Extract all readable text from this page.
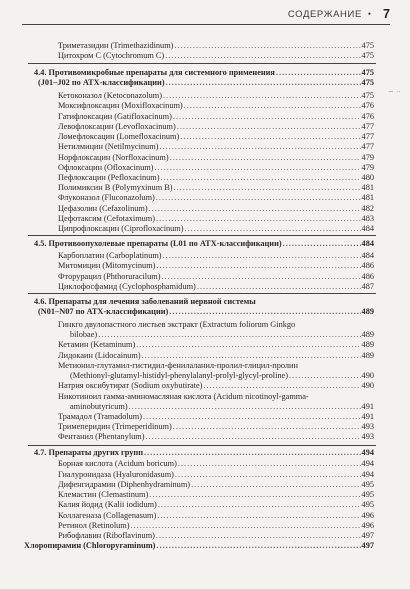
СОДЕРЖАНИЕ • 7
Триметазидин (Trimethazidinum) .....	475
Цитохром С (Cytochromum C) .....	475
4.4. Противомикробные препараты для системного применения .....	475
(J01–J02 по АТХ-классификации) .....	475
Кетоконазол (Ketoconazolum) .....	475
Моксифлоксацин (Moxifloxacinum) .....	476
Гатифлоксацин (Gatifloxacinum) .....	476
Левофлоксацин (Levofloxacinum) .....	477
Ломефлоксацин (Lomefloxacinum) .....	477
Нетилмицин (Netilmycinum) .....	477
Норфлоксацин (Norfloxacinum) .....	479
Офлоксацин (Ofloxacinum) .....	479
Пефлоксацин (Pefloxacinum) .....	480
Полимиксин В (Polymyxinum B) .....	481
Флуконазол (Fluconazolum) .....	481
Цефазолин (Cefazolinum) .....	482
Цефотаксим (Cefotaximum) .....	483
Ципрофлоксацин (Ciprofloxacinum) .....	484
4.5. Противоопухолевые препараты (L01 по АТХ-классификации) .....	484
Карбоплатин (Carboplatinum) .....	484
Митомицин (Mitomycinum) .....	486
Фторурацил (Phthoruracilum) .....	486
Циклофосфамид (Cyclophosphamidum) .....	487
4.6. Препараты для лечения заболеваний нервной системы
(N01–N07 по АТХ-классификации) .....	489
Гинкго двулопастного листьев экстракт (Extractum foliorum Ginkgo
bilobae) .....	489
Кетамин (Ketaminum) .....	489
Лидокаин (Lidocainum) .....	489
Метионил-глутамил-гистидил-фенилаланил-пролил-глицил-пролин
(Methionyl-glutamyl-histidyl-phenylalanyl-prolyl-glycyl-proline) .....	490
Натрия оксибутират (Sodium oxybutirate) .....	490
Никотиноил гамма-аминомасляная кислота (Acidum nicotinoyl-gamma-
aminobutyricum) .....	491
Трамадол (Tramadolum) .....	491
Тримеперидин (Trimeperidinum) .....	493
Фентанил (Phentanylum) .....	493
4.7. Препараты других групп .....	494
Борная кислота (Acidum boricum) .....	494
Гиалуронидаза (Hyaluronidasum) .....	494
Дифенгидрамин (Diphenhydraminum) .....	495
Клемастин (Clemastinum) .....	495
Калия йодид (Kalii iodidum) .....	495
Коллагеназа (Collagenasum) .....	496
Ретинол (Retinolum) .....	496
Рибофлавин (Riboflavinum) .....	497
Хлоропирамин (Chloropyraminum) .....	497
~ ··
